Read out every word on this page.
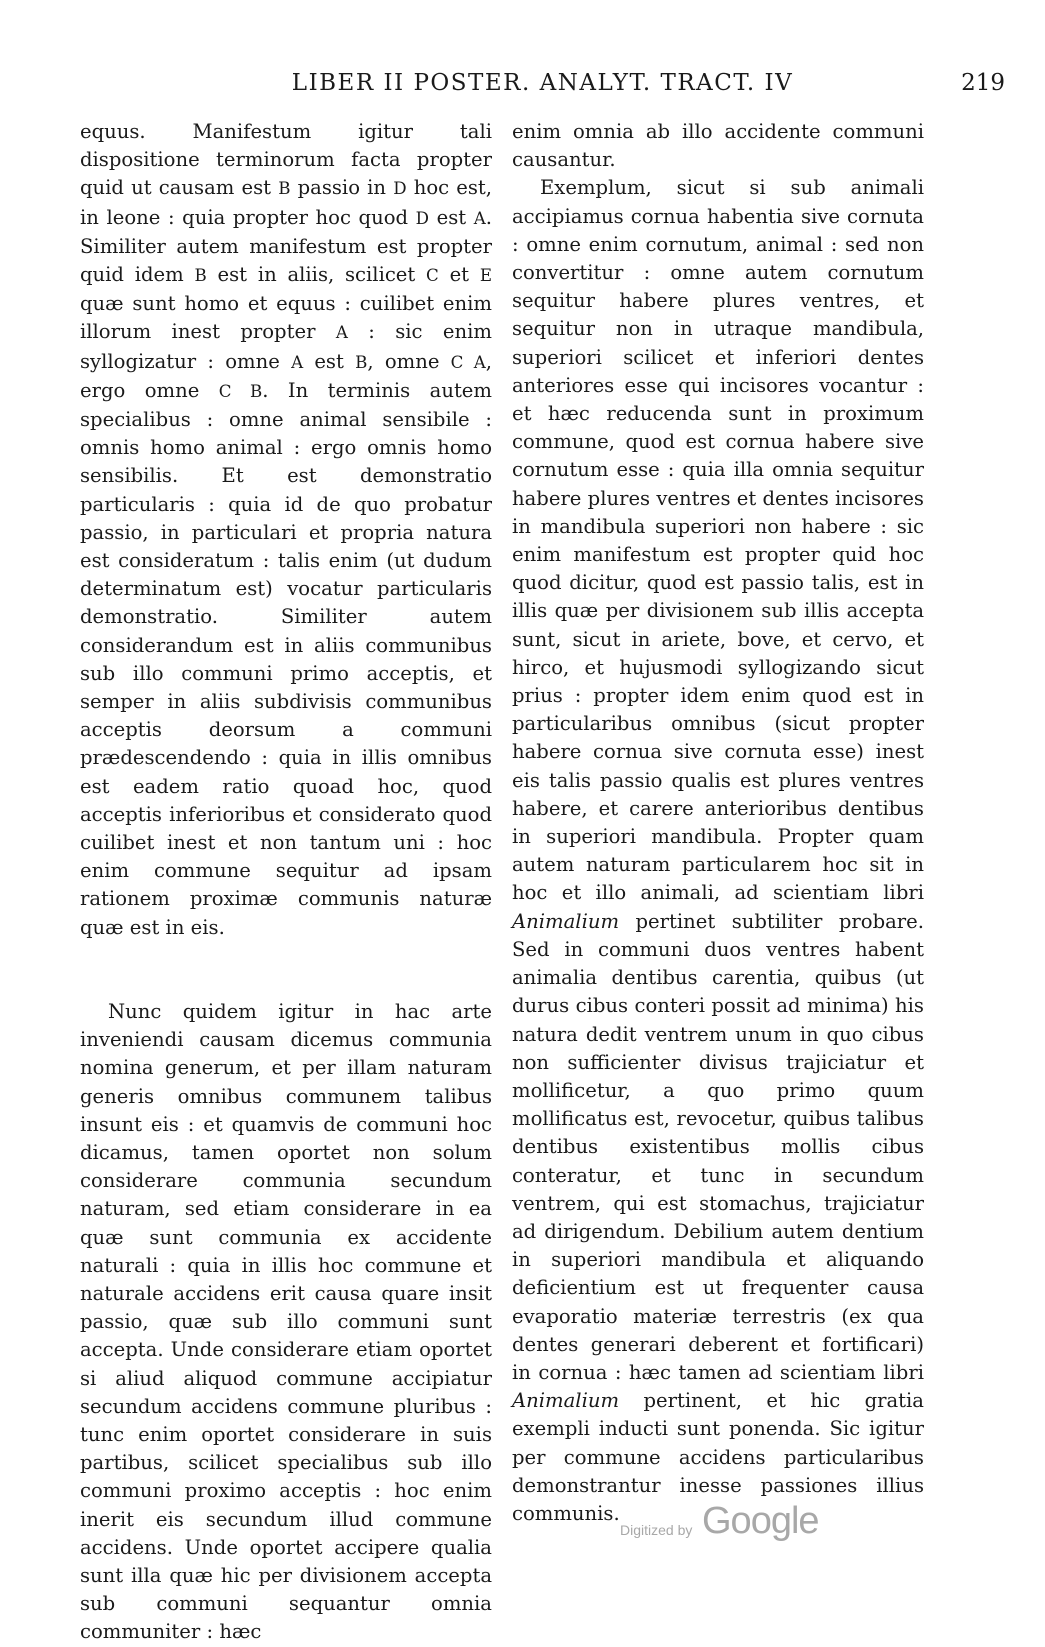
LIBER II POSTER. ANALYT. TRACT. IV	219

equus. Manifestum igitur tali dispositione terminorum facta propter quid ut causam est B passio in D hoc est, in leone : quia propter hoc quod D est A. Similiter autem manifestum est propter quid idem B est in aliis, scilicet C et E quæ sunt homo et equus : cuilibet enim illorum inest propter A : sic enim syllogizatur : omne A est B, omne C A, ergo omne C B. In terminis autem specialibus : omne animal sensibile : omnis homo animal : ergo omnis homo sensibilis. Et est demonstratio particularis : quia id de quo probatur passio, in particulari et propria natura est consideratum : talis enim (ut dudum determinatum est) vocatur particularis demonstratio. Similiter autem considerandum est in aliis communibus sub illo communi primo acceptis, et semper in aliis subdivisis communibus acceptis deorsum a communi prædescendendo : quia in illis omnibus est eadem ratio quoad hoc, quod acceptis inferioribus et considerato quod cuilibet inest et non tantum uni : hoc enim commune sequitur ad ipsam rationem proximæ communis naturæ quæ est in eis.

Nunc quidem igitur in hac arte inveniendi causam dicemus communia nomina generum, et per illam naturam generis omnibus communem talibus insunt eis : et quamvis de communi hoc dicamus, tamen oportet non solum considerare communia secundum naturam, sed etiam considerare in ea quæ sunt communia ex accidente naturali : quia in illis hoc commune et naturale accidens erit causa quare insit passio, quæ sub illo communi sunt accepta. Unde considerare etiam oportet si aliud aliquod commune accipiatur secundum accidens commune pluribus : tunc enim oportet considerare in suis partibus, scilicet specialibus sub illo communi proximo acceptis : hoc enim inerit eis secundum illud commune accidens. Unde oportet accipere qualia sunt illa quæ hic per divisionem accepta sub communi sequantur omnia communiter : hæc

enim omnia ab illo accidente communi causantur.

Exemplum, sicut si sub animali accipiamus cornua habentia sive cornuta : omne enim cornutum, animal : sed non convertitur : omne autem cornutum sequitur habere plures ventres, et sequitur non in utraque mandibula, superiori scilicet et inferiori dentes anteriores esse qui incisores vocantur : et hæc reducenda sunt in proximum commune, quod est cornua habere sive cornutum esse : quia illa omnia sequitur habere plures ventres et dentes incisores in mandibula superiori non habere : sic enim manifestum est propter quid hoc quod dicitur, quod est passio talis, est in illis quæ per divisionem sub illis accepta sunt, sicut in ariete, bove, et cervo, et hirco, et hujusmodi syllogizando sicut prius : propter idem enim quod est in particularibus omnibus (sicut propter habere cornua sive cornuta esse) inest eis talis passio qualis est plures ventres habere, et carere anterioribus dentibus in superiori mandibula. Propter quam autem naturam particularem hoc sit in hoc et illo animali, ad scientiam libri Animalium pertinet subtiliter probare. Sed in communi duos ventres habent animalia dentibus carentia, quibus (ut durus cibus conteri possit ad minima) his natura dedit ventrem unum in quo cibus non sufficienter divisus trajiciatur et mollificetur, a quo primo quum mollificatus est, revocetur, quibus talibus dentibus existentibus mollis cibus conteratur, et tunc in secundum ventrem, qui est stomachus, trajiciatur ad dirigendum. Debilium autem dentium in superiori mandibula et aliquando deficientium est ut frequenter causa evaporatio materiæ terrestris (ex qua dentes generari deberent et fortificari) in cornua : hæc tamen ad scientiam libri Animalium pertinent, et hic gratia exempli inducti sunt ponenda. Sic igitur per commune accidens particularibus demonstrantur inesse passiones illius communis.

Digitized by Google
